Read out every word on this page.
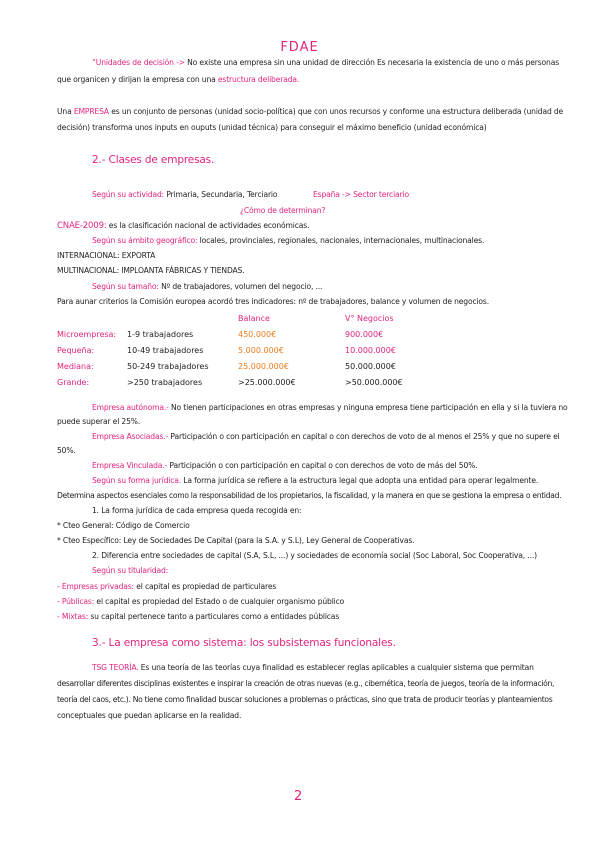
FDAE
“Unidades de decisión -> No existe una empresa sin una unidad de dirección Es necesaria la existencia de uno o más personas
que organicen y dirijan la empresa con una estructura deliberada.
Una EMPRESA es un conjunto de personas (unidad socio-política) que con unos recursos y conforme una estructura deliberada (unidad de
decisión) transforma unos inputs en ouputs (unidad técnica) para conseguir el máximo beneficio (unidad económica)
2.- Clases de empresas.
Según su actividad: Primaria, Secundaria, Terciario	España -> Sector terciario
¿Cómo de determinan?
CNAE-2009: es la clasificación nacional de actividades económicas.
Según su ámbito geográfico: locales, provinciales, regionales, nacionales, internacionales, multinacionales.
INTERNACIONAL: EXPORTA
MULTINACIONAL: IMPLOANTA FÁBRICAS Y TIENDAS.
Según su tamaño: Nº de trabajadores, volumen del negocio, ...
Para aunar criterios la Comisión europea acordó tres indicadores: nº de trabajadores, balance y volumen de negocios.
Balance	V° Negocios
Microempresa: 1-9 trabajadores	450.000€	900.000€
Pequeña:	10-49 trabajadores	5.000.000€	10.000.000€
Mediana:	50-249 trabajadores	25.000.000€	50.000.000€
Grande:	>250 trabajadores	>25.000.000€	>50.000.000€
Empresa autónoma.- No tienen participaciones en otras empresas y ninguna empresa tiene participación en ella y si la tuviera no
puede superar el 25%.
Empresa Asociadas.- Participación o con participación en capital o con derechos de voto de al menos el 25% y que no supere el
50%.
Empresa Vinculada.- Participación o con participación en capital o con derechos de voto de más del 50%.
Según su forma jurídica. La forma jurídica se refiere a la estructura legal que adopta una entidad para operar legalmente.
Determina aspectos esenciales como la responsabilidad de los propietarios, la fiscalidad, y la manera en que se gestiona la empresa o entidad.
1. La forma jurídica de cada empresa queda recogida en:
* Cteo General: Código de Comercio
* Cteo Específico: Ley de Sociedades De Capital (para la S.A. y S.L), Ley General de Cooperativas.
2. Diferencia entre sociedades de capital (S.A, S.L, ...) y sociedades de economía social (Soc Laboral, Soc Cooperativa, ...)
Según su titularidad:
- Empresas privadas: el capital es propiedad de particulares
- Públicas: el capital es propiedad del Estado o de cualquier organismo público
- Mixtas: su capital pertenece tanto a particulares como a entidades públicas
3.- La empresa como sistema: los subsistemas funcionales.
TSG TEORÍA. Es una teoría de las teorías cuya finalidad es establecer reglas aplicables a cualquier sistema que permitan
desarrollar diferentes disciplinas existentes e inspirar la creación de otras nuevas (e.g., cibernética, teoría de juegos, teoría de la información,
teoría del caos, etc.). No tiene como finalidad buscar soluciones a problemas o prácticas, sino que trata de producir teorías y planteamientos
conceptuales que puedan aplicarse en la realidad.
2
